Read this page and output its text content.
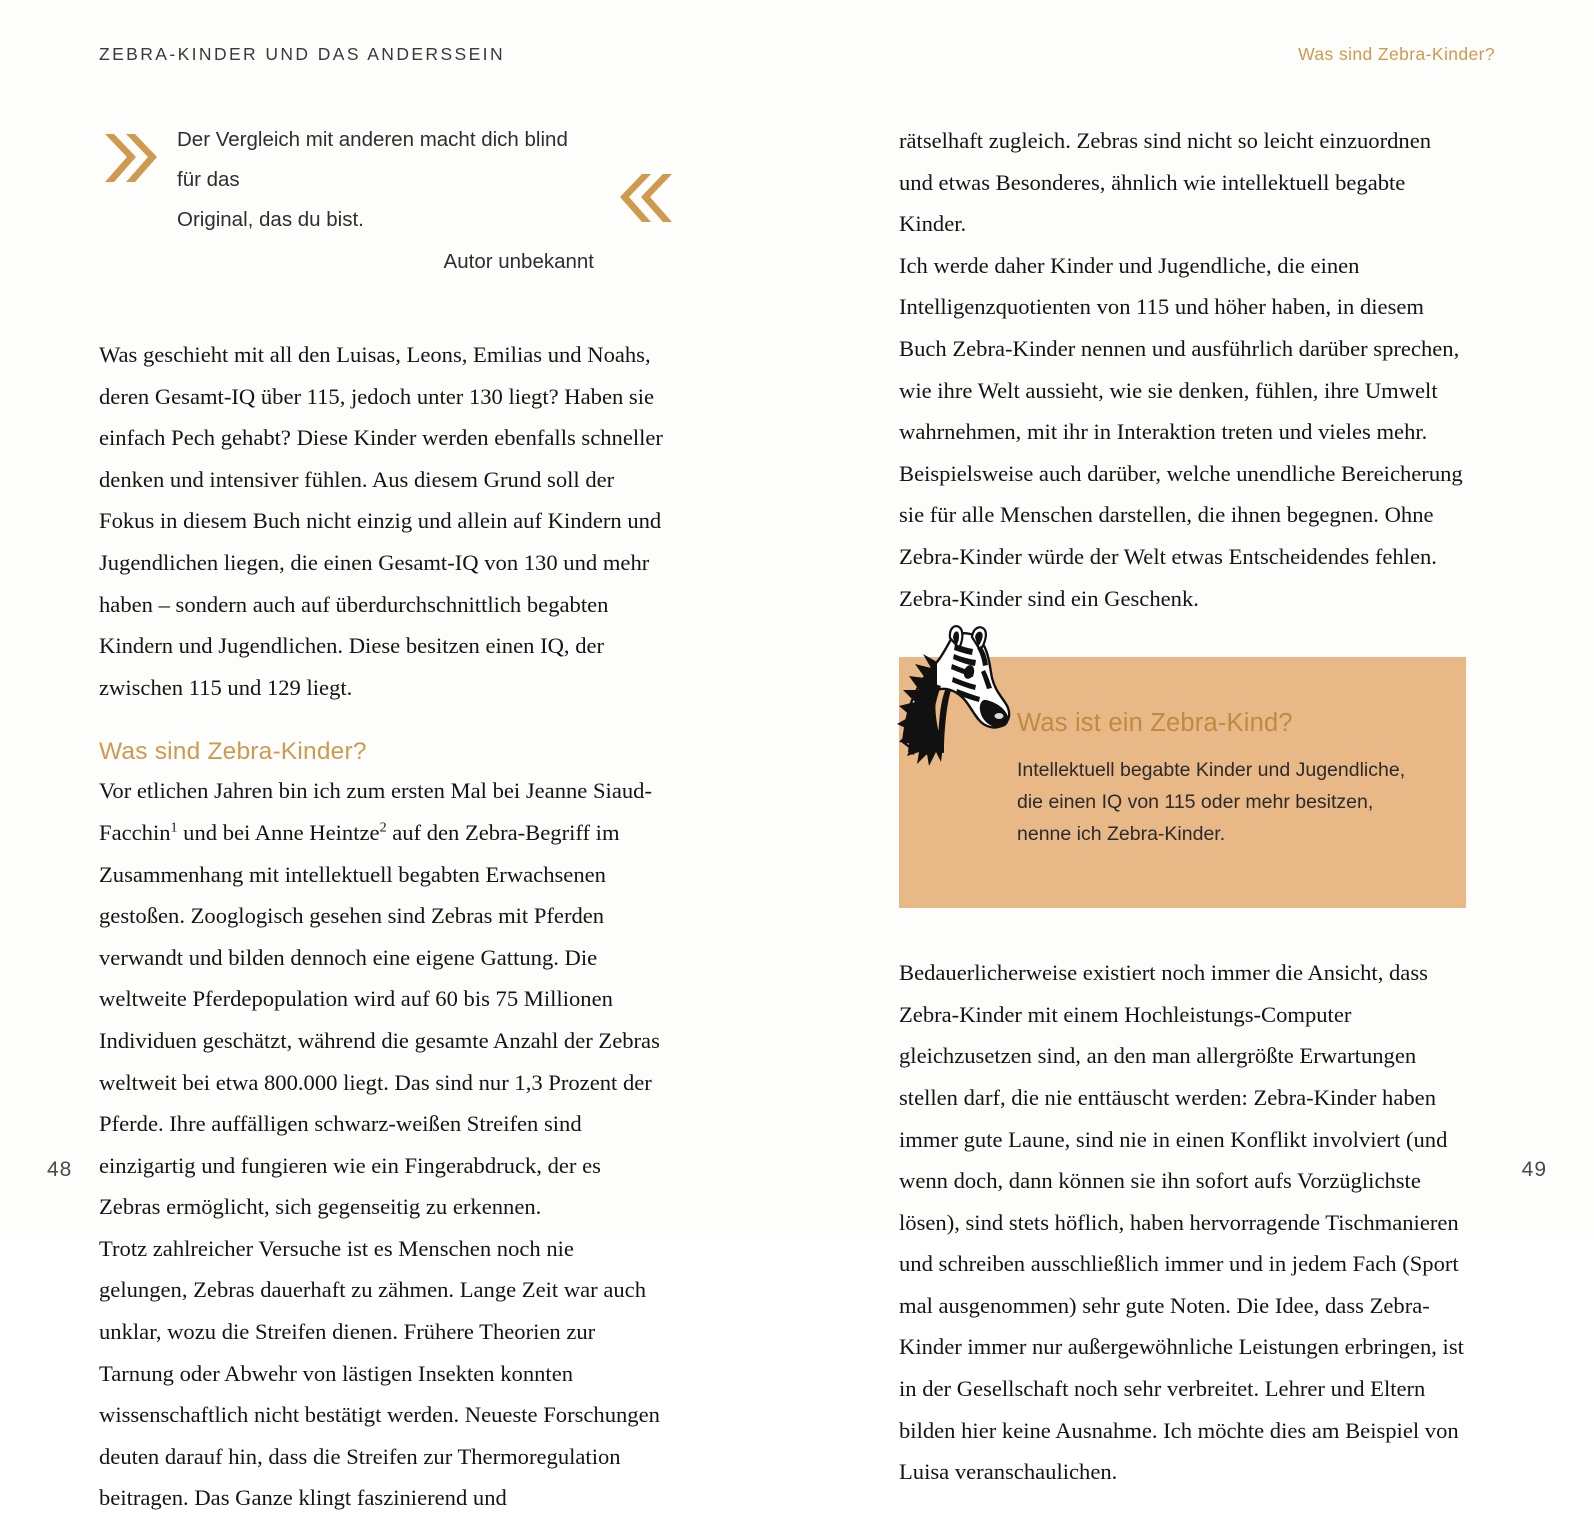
ZEBRA-KINDER UND DAS ANDERSSEIN	Was sind Zebra-Kinder?
Der Vergleich mit anderen macht dich blind für das
Original, das du bist.
Autor unbekannt

Was geschieht mit all den Luisas, Leons, Emilias und Noahs, deren Gesamt-IQ über 115, jedoch unter 130 liegt? Haben sie einfach Pech gehabt? Diese Kinder werden ebenfalls schneller denken und intensiver fühlen. Aus diesem Grund soll der Fokus in diesem Buch nicht einzig und allein auf Kindern und Jugendlichen liegen, die einen Gesamt-IQ von 130 und mehr haben – sondern auch auf überdurchschnittlich begabten Kindern und Jugendlichen. Diese besitzen einen IQ, der zwischen 115 und 129 liegt.

Was sind Zebra-Kinder?

Vor etlichen Jahren bin ich zum ersten Mal bei Jeanne Siaud-Facchin$^1$ und bei Anne Heintze$^2$ auf den Zebra-Begriff im Zusammenhang mit intellektuell begabten Erwachsenen gestoßen. Zooglogisch gesehen sind Zebras mit Pferden verwandt und bilden dennoch eine eigene Gattung. Die weltweite Pferdepopulation wird auf 60 bis 75 Millionen Individuen geschätzt, während die gesamte Anzahl der Zebras weltweit bei etwa 800.000 liegt. Das sind nur 1,3 Prozent der Pferde. Ihre auffälligen schwarz-weißen Streifen sind einzigartig und fungieren wie ein Fingerabdruck, der es Zebras ermöglicht, sich gegenseitig zu erkennen.

Trotz zahlreicher Versuche ist es Menschen noch nie gelungen, Zebras dauerhaft zu zähmen. Lange Zeit war auch unklar, wozu die Streifen dienen. Frühere Theorien zur Tarnung oder Abwehr von lästigen Insekten konnten wissenschaftlich nicht bestätigt werden. Neueste Forschungen deuten darauf hin, dass die Streifen zur Thermoregulation beitragen. Das Ganze klingt faszinierend und

rätselhaft zugleich. Zebras sind nicht so leicht einzuordnen und etwas Besonderes, ähnlich wie intellektuell begabte Kinder.

Ich werde daher Kinder und Jugendliche, die einen Intelligenzquotienten von 115 und höher haben, in diesem Buch Zebra-Kinder nennen und ausführlich darüber sprechen, wie ihre Welt aussieht, wie sie denken, fühlen, ihre Umwelt wahrnehmen, mit ihr in Interaktion treten und vieles mehr. Beispielsweise auch darüber, welche unendliche Bereicherung sie für alle Menschen darstellen, die ihnen begegnen. Ohne Zebra-Kinder würde der Welt etwas Entscheidendes fehlen. Zebra-Kinder sind ein Geschenk.

Was ist ein Zebra-Kind?

Intellektuell begabte Kinder und Jugendliche, die einen IQ von 115 oder mehr besitzen, nenne ich Zebra-Kinder.

Bedauerlicherweise existiert noch immer die Ansicht, dass Zebra-Kinder mit einem Hochleistungs-Computer gleichzusetzen sind, an den man allergrößte Erwartungen stellen darf, die nie enttäuscht werden: Zebra-Kinder haben immer gute Laune, sind nie in einen Konflikt involviert (und wenn doch, dann können sie ihn sofort aufs Vorzüglichste lösen), sind stets höflich, haben hervorragende Tischmanieren und schreiben ausschließlich immer und in jedem Fach (Sport mal ausgenommen) sehr gute Noten. Die Idee, dass Zebra-Kinder immer nur außergewöhnliche Leistungen erbringen, ist in der Gesellschaft noch sehr verbreitet. Lehrer und Eltern bilden hier keine Ausnahme. Ich möchte dies am Beispiel von Luisa veranschaulichen.

48	49
